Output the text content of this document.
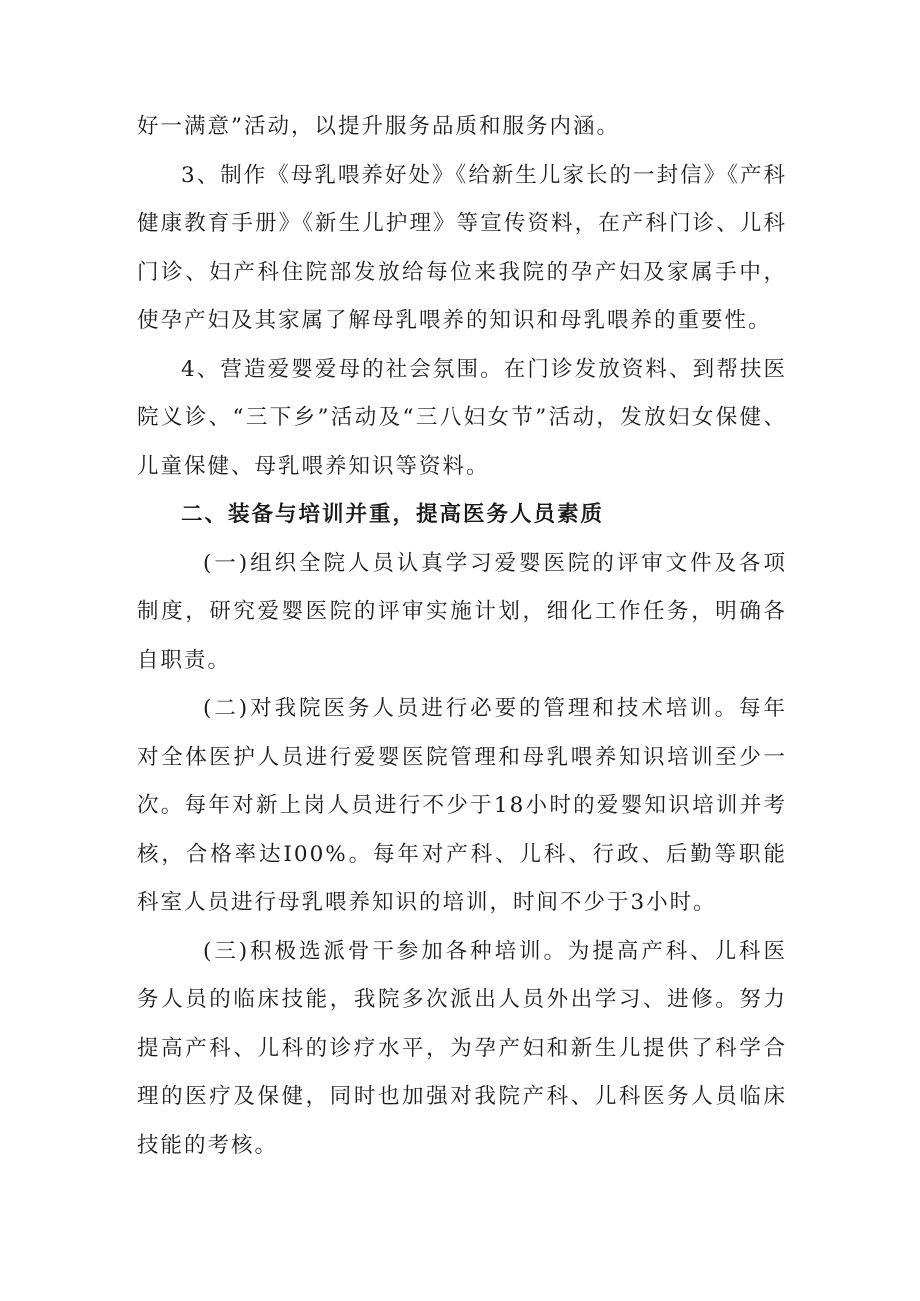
好一满意”活动，以提升服务品质和服务内涵。

3、制作《母乳喂养好处》《给新生儿家长的一封信》《产科健康教育手册》《新生儿护理》等宣传资料，在产科门诊、儿科门诊、妇产科住院部发放给每位来我院的孕产妇及家属手中，使孕产妇及其家属了解母乳喂养的知识和母乳喂养的重要性。

4、营造爱婴爱母的社会氛围。在门诊发放资料、到帮扶医院义诊、“三下乡”活动及“三八妇女节”活动，发放妇女保健、儿童保健、母乳喂养知识等资料。

二、装备与培训并重，提高医务人员素质

(一)组织全院人员认真学习爱婴医院的评审文件及各项制度，研究爱婴医院的评审实施计划，细化工作任务，明确各自职责。

(二)对我院医务人员进行必要的管理和技术培训。每年对全体医护人员进行爱婴医院管理和母乳喂养知识培训至少一次。每年对新上岗人员进行不少于18小时的爱婴知识培训并考核，合格率达I00%。每年对产科、儿科、行政、后勤等职能科室人员进行母乳喂养知识的培训，时间不少于3小时。

(三)积极选派骨干参加各种培训。为提高产科、儿科医务人员的临床技能，我院多次派出人员外出学习、进修。努力提高产科、儿科的诊疗水平，为孕产妇和新生儿提供了科学合理的医疗及保健，同时也加强对我院产科、儿科医务人员临床技能的考核。
